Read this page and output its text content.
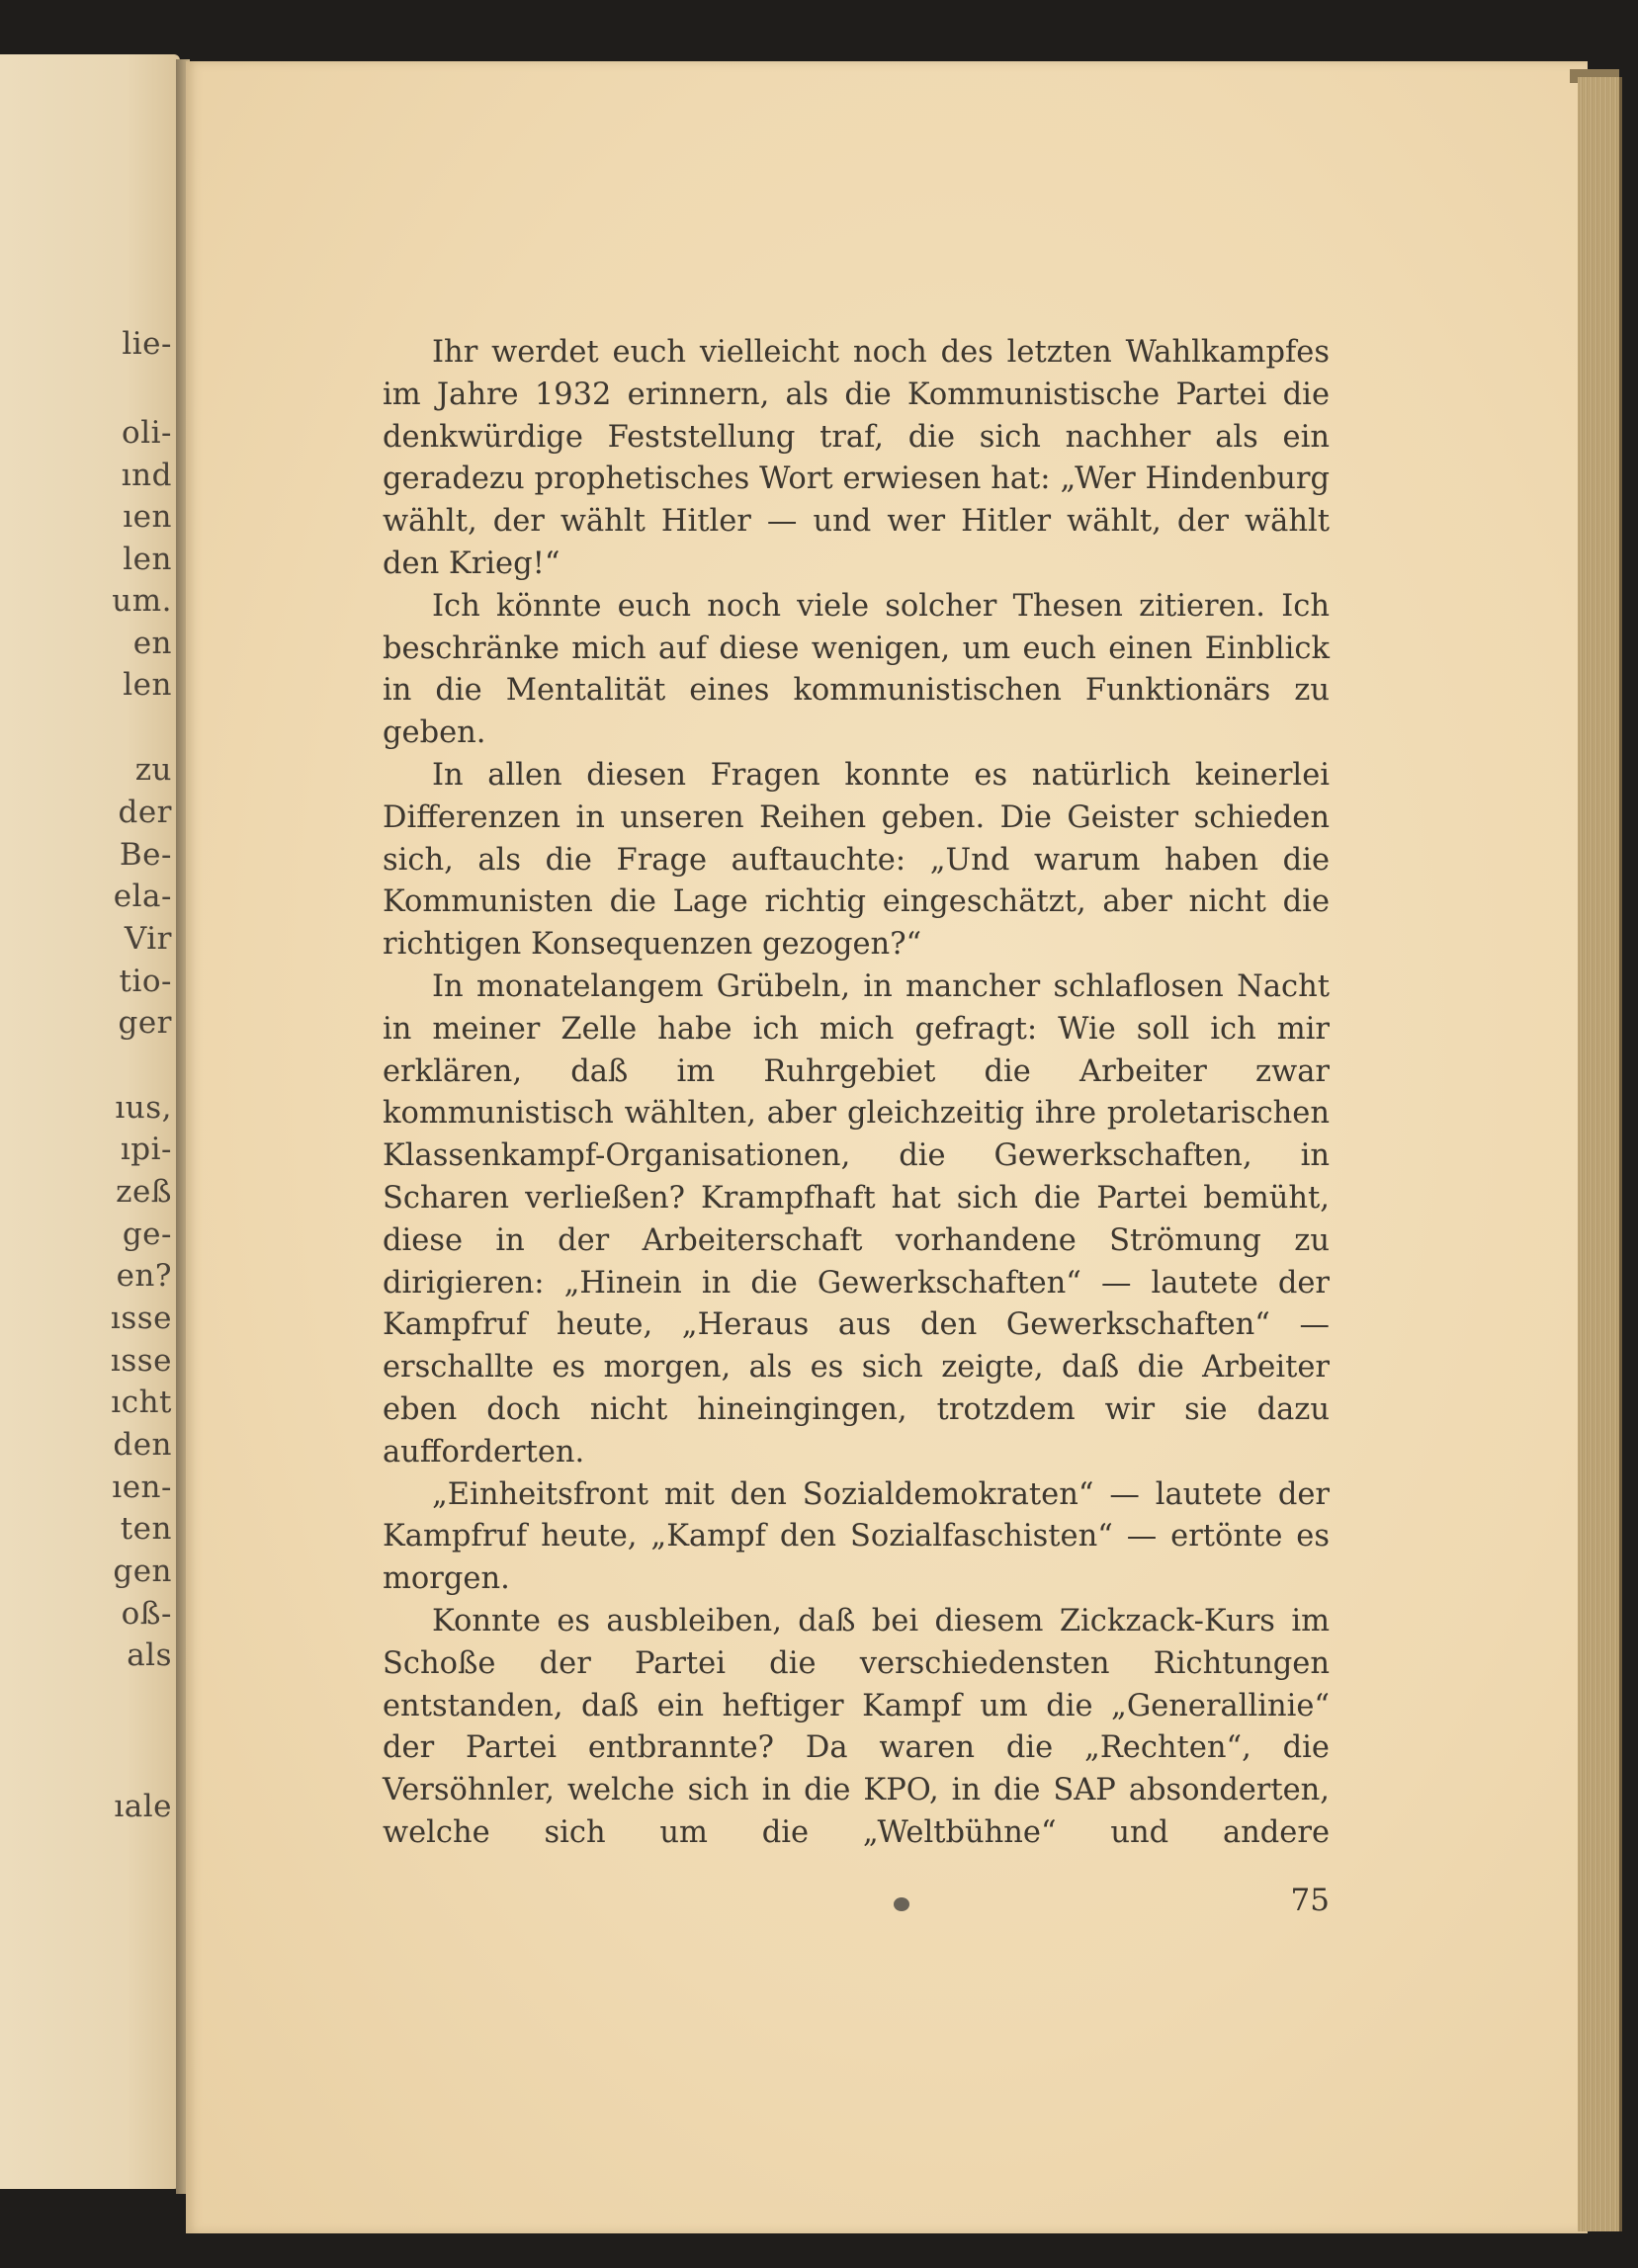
lie-
oli-
ınd
ıen
len
um.
en
len
zu
der
Be-
ela-
Vir
tio-
ger
ıus,
ıpi-
zeß
ge-
en?
ısse
ısse
ıcht
den
ıen-
ten
gen
oß-
als
ıale

Ihr werdet euch vielleicht noch des letzten Wahlkampfes im Jahre 1932 erinnern, als die Kommunistische Partei die denkwürdige Feststellung traf, die sich nachher als ein geradezu prophetisches Wort erwiesen hat: „Wer Hindenburg wählt, der wählt Hitler — und wer Hitler wählt, der wählt den Krieg!“

Ich könnte euch noch viele solcher Thesen zitieren. Ich beschränke mich auf diese wenigen, um euch einen Einblick in die Mentalität eines kommunistischen Funktionärs zu geben.

In allen diesen Fragen konnte es natürlich keinerlei Differenzen in unseren Reihen geben. Die Geister schieden sich, als die Frage auftauchte: „Und warum haben die Kommunisten die Lage richtig eingeschätzt, aber nicht die richtigen Konsequenzen gezogen?“

In monatelangem Grübeln, in mancher schlaflosen Nacht in meiner Zelle habe ich mich gefragt: Wie soll ich mir erklären, daß im Ruhrgebiet die Arbeiter zwar kommunistisch wählten, aber gleichzeitig ihre proletarischen Klassenkampf-Organisationen, die Gewerkschaften, in Scharen verließen? Krampfhaft hat sich die Partei bemüht, diese in der Arbeiterschaft vorhandene Strömung zu dirigieren: „Hinein in die Gewerkschaften“ — lautete der Kampfruf heute, „Heraus aus den Gewerkschaften“ — erschallte es morgen, als es sich zeigte, daß die Arbeiter eben doch nicht hineingingen, trotzdem wir sie dazu aufforderten.

„Einheitsfront mit den Sozialdemokraten“ — lautete der Kampfruf heute, „Kampf den Sozialfaschisten“ — ertönte es morgen.

Konnte es ausbleiben, daß bei diesem Zickzack-Kurs im Schoße der Partei die verschiedensten Richtungen entstanden, daß ein heftiger Kampf um die „Generallinie“ der Partei entbrannte? Da waren die „Rechten“, die Versöhnler, welche sich in die KPO, in die SAP absonderten, welche sich um die „Weltbühne“ und andere

75
